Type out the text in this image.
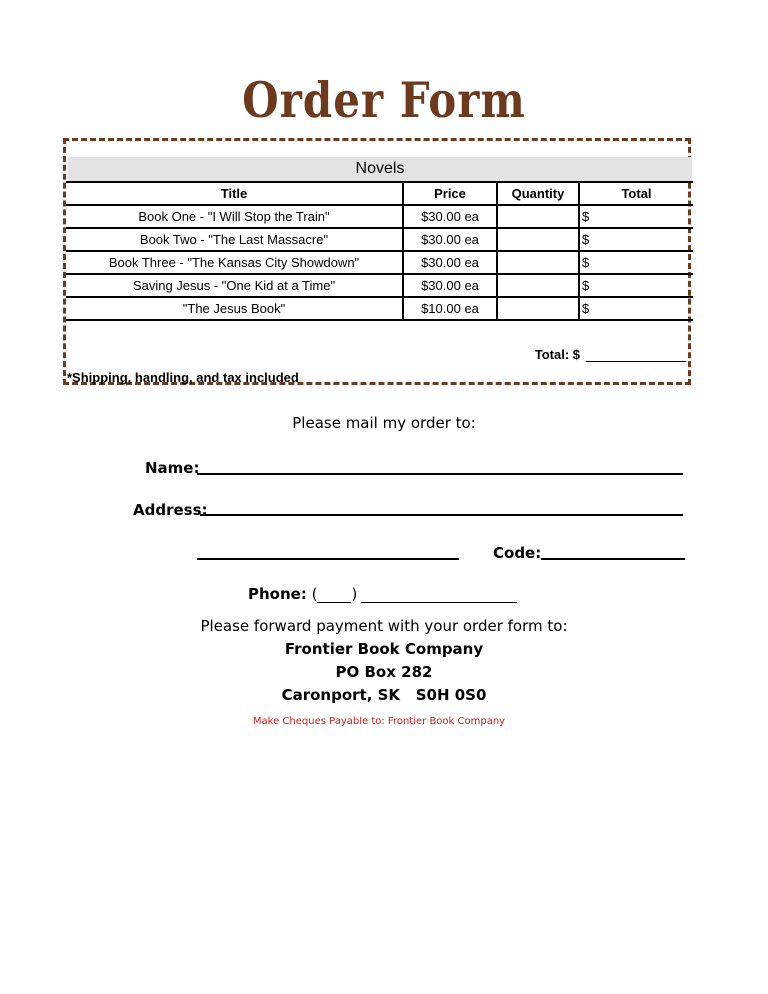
Order Form
Novels
Title	Price	Quantity	Total
Book One - "I Will Stop the Train"	$30.00 ea		$
Book Two - "The Last Massacre"	$30.00 ea		$
Book Three - "The Kansas City Showdown"	$30.00 ea		$
Saving Jesus - "One Kid at a Time"	$30.00 ea		$
"The Jesus Book"	$10.00 ea		$
Total: $
*Shipping, handling, and tax included
Please mail my order to:
Name:
Address:
Code:
Phone: ( )
Please forward payment with your order form to:
Frontier Book Company
PO Box 282
Caronport, SK   S0H 0S0
Make Cheques Payable to: Frontier Book Company
